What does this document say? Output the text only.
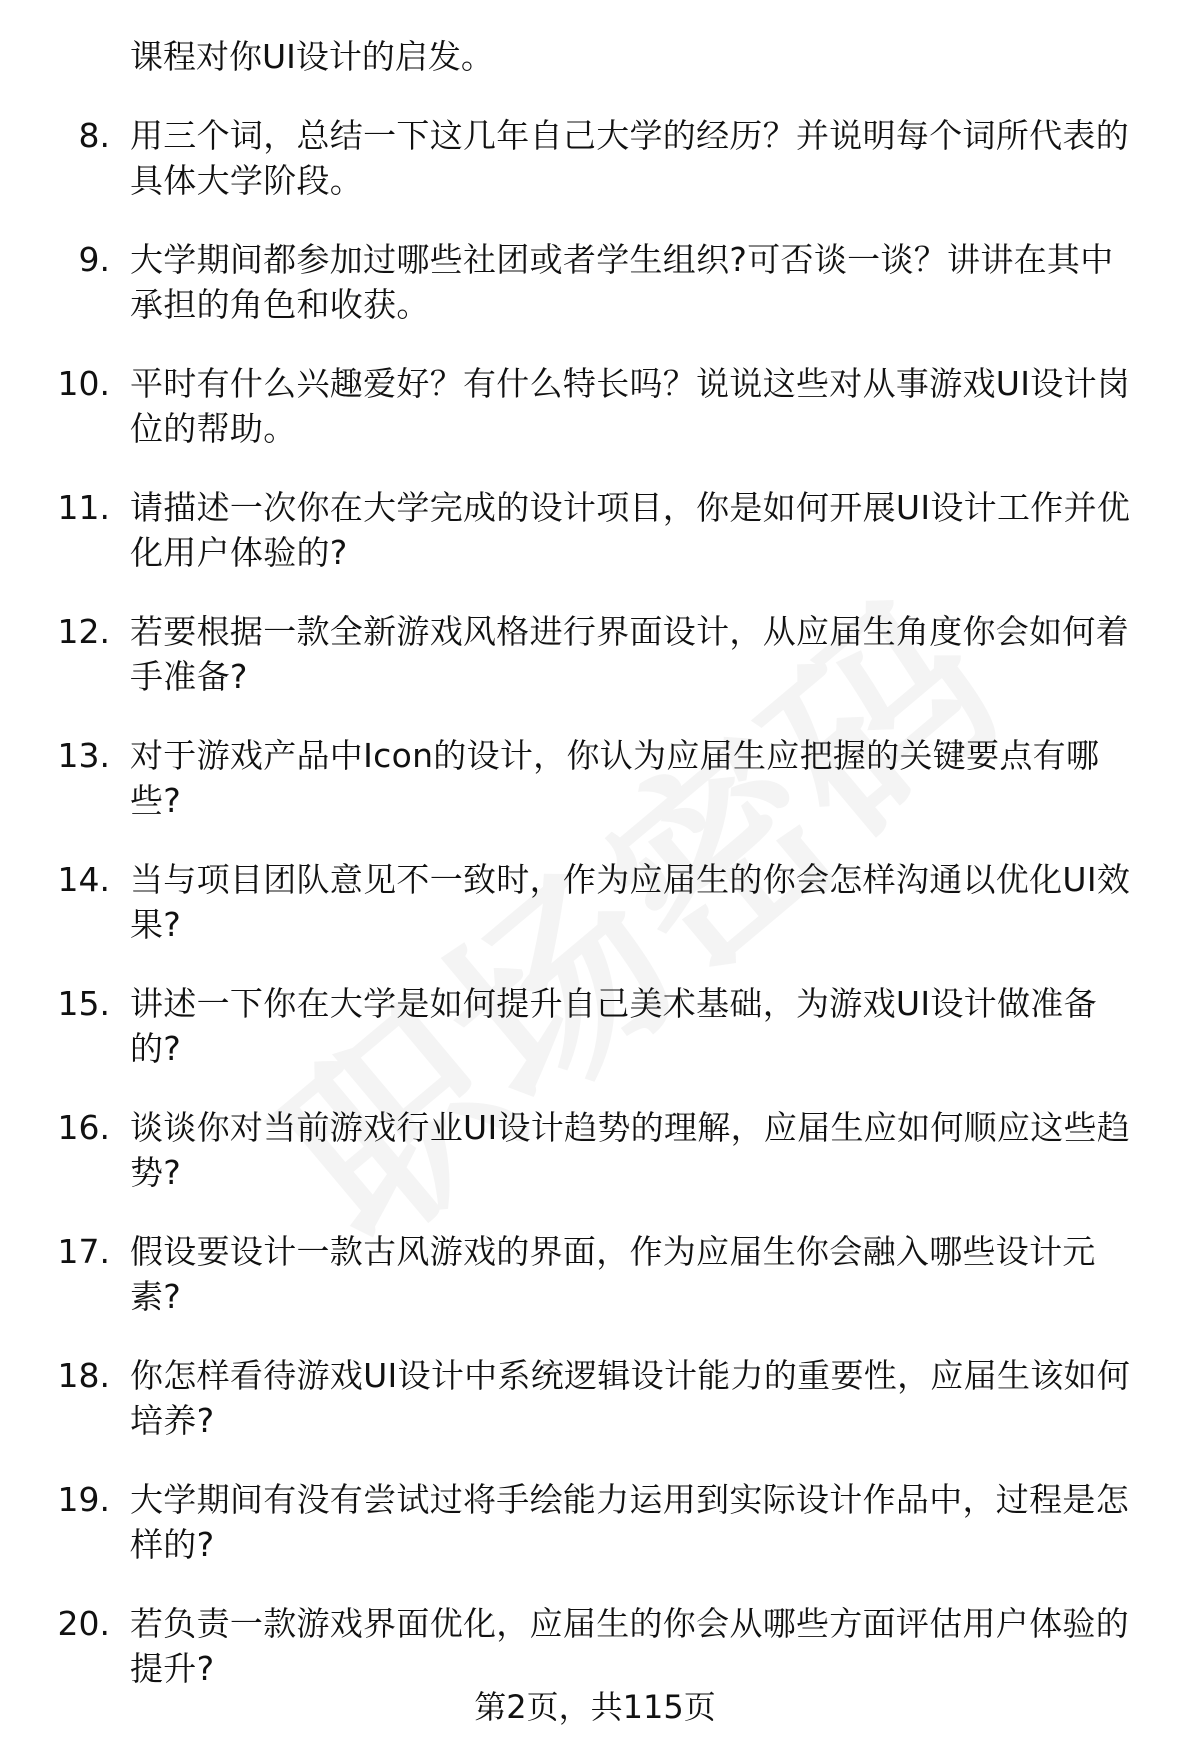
课程对你UI设计的启发。
8. 用三个词，总结一下这几年自己大学的经历？并说明每个词所代表的具体大学阶段。
9. 大学期间都参加过哪些社团或者学生组织?可否谈一谈？讲讲在其中承担的角色和收获。
10. 平时有什么兴趣爱好？有什么特长吗？说说这些对从事游戏UI设计岗位的帮助。
11. 请描述一次你在大学完成的设计项目，你是如何开展UI设计工作并优化用户体验的?
12. 若要根据一款全新游戏风格进行界面设计，从应届生角度你会如何着手准备?
13. 对于游戏产品中Icon的设计，你认为应届生应把握的关键要点有哪些?
14. 当与项目团队意见不一致时，作为应届生的你会怎样沟通以优化UI效果?
15. 讲述一下你在大学是如何提升自己美术基础，为游戏UI设计做准备的?
16. 谈谈你对当前游戏行业UI设计趋势的理解，应届生应如何顺应这些趋势?
17. 假设要设计一款古风游戏的界面，作为应届生你会融入哪些设计元素?
18. 你怎样看待游戏UI设计中系统逻辑设计能力的重要性，应届生该如何培养?
19. 大学期间有没有尝试过将手绘能力运用到实际设计作品中，过程是怎样的?
20. 若负责一款游戏界面优化，应届生的你会从哪些方面评估用户体验的提升?
第2页，共115页
